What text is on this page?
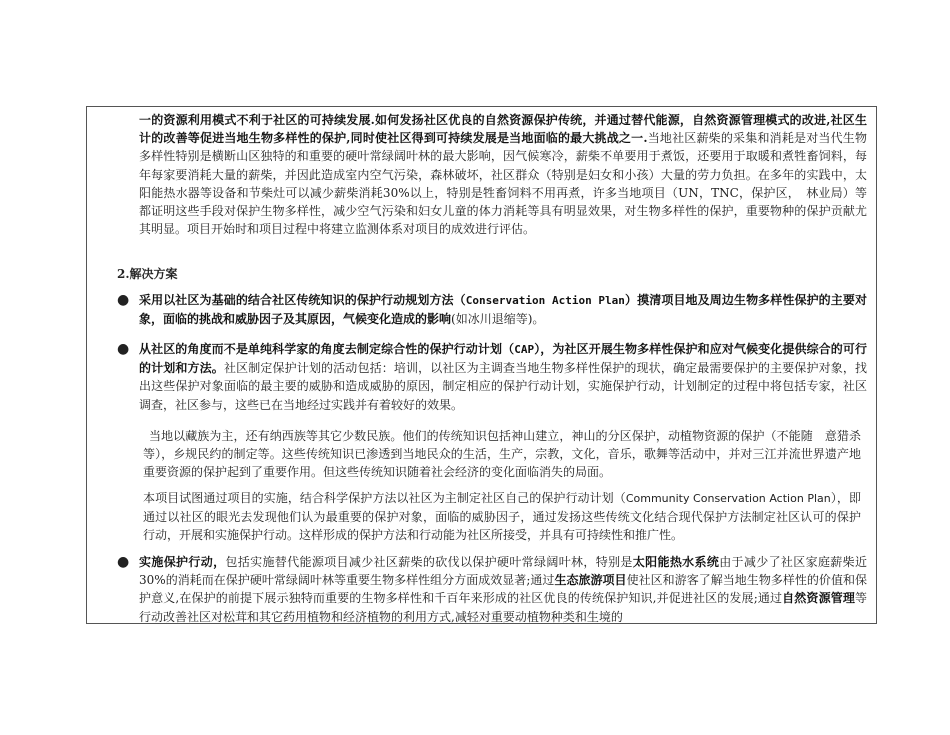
一的资源利用模式不利于社区的可持续发展.如何发扬社区优良的自然资源保护传统，并通过替代能源，自然资源管理模式的改进,社区生计的改善等促进当地生物多样性的保护,同时使社区得到可持续发展是当地面临的最大挑战之一.当地社区薪柴的采集和消耗是对当代生物多样性特别是横断山区独特的和重要的硬叶常绿阔叶林的最大影响，因气候寒冷，薪柴不单要用于煮饭，还要用于取暖和煮牲畜饲料，每年每家要消耗大量的薪柴，并因此造成室内空气污染，森林破坏，社区群众（特别是妇女和小孩）大量的劳力负担。在多年的实践中，太阳能热水器等设备和节柴灶可以减少薪柴消耗30%以上，特别是牲畜饲料不用再煮，许多当地项目（UN，TNC，保护区，　林业局）等　都证明这些手段对保护生物多样性，减少空气污染和妇女儿童的体力消耗等具有明显效果，对生物多样性的保护，重要物种的保护贡献尤其明显。项目开始时和项目过程中将建立监测体系对项目的成效进行评估。

2.解决方案

● 采用以社区为基础的结合社区传统知识的保护行动规划方法（Conservation Action Plan）摸清项目地及周边生物多样性保护的主要对象，面临的挑战和威胁因子及其原因，气候变化造成的影响(如冰川退缩等)。

● 从社区的角度而不是单纯科学家的角度去制定综合性的保护行动计划（CAP），为社区开展生物多样性保护和应对气候变化提供综合的可行的计划和方法。社区制定保护计划的活动包括：培训，以社区为主调查当地生物多样性保护的现状，确定最需要保护的主要保护对象，找出这些保护对象面临的最主要的威胁和造成威胁的原因，制定相应的保护行动计划，实施保护行动，计划制定的过程中将包括专家，社区调查，社区参与，这些已在当地经过实践并有着较好的效果。

当地以藏族为主，还有纳西族等其它少数民族。他们的传统知识包括神山建立，神山的分区保护，动植物资源的保护（不能随　意猎杀等），乡规民约的制定等。这些传统知识已渗透到当地民众的生活，生产，宗教，文化，音乐，歌舞等活动中，并对三江并流世界遗产地重要资源的保护起到了重要作用。但这些传统知识随着社会经济的变化面临消失的局面。

本项目试图通过项目的实施，结合科学保护方法以社区为主制定社区自己的保护行动计划（Community Conservation Action Plan），即通过以社区的眼光去发现他们认为最重要的保护对象，面临的威胁因子，通过发扬这些传统文化结合现代保护方法制定社区认可的保护行动，开展和实施保护行动。这样形成的保护方法和行动能为社区所接受，并具有可持续性和推广性。

● 实施保护行动，包括实施替代能源项目减少社区薪柴的砍伐以保护硬叶常绿阔叶林，特别是太阳能热水系统由于减少了社区家庭薪柴近 30%的消耗而在保护硬叶常绿阔叶林等重要生物多样性组分方面成效显著;通过生态旅游项目使社区和游客了解当地生物多样性的价值和保护意义,在保护的前提下展示独特而重要的生物多样性和千百年来形成的社区优良的传统保护知识,并促进社区的发展;通过自然资源管理等行动改善社区对松茸和其它药用植物和经济植物的利用方式,减轻对重要动植物种类和生境的
